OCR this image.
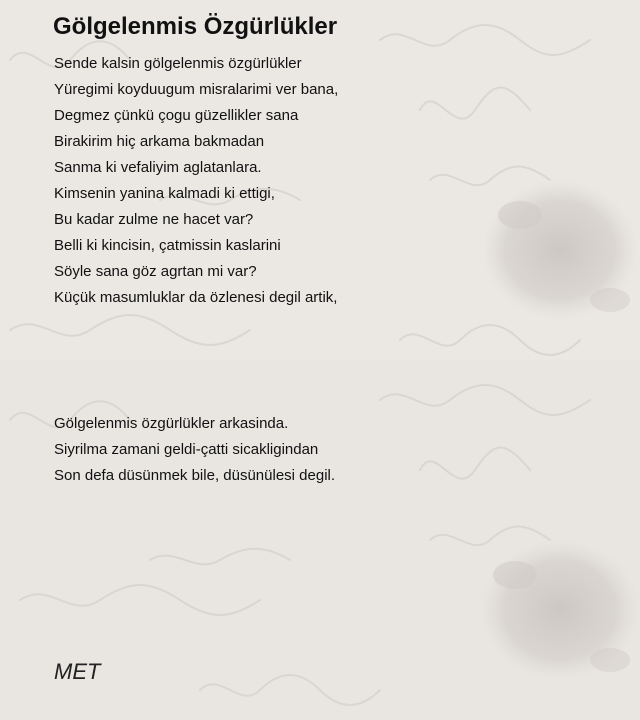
Gölgelenmis Özgürlükler
Sende kalsin gölgelenmis özgürlükler
Yüregimi koyduugum misralarimi ver bana,
Degmez çünkü çogu güzellikler sana
Birakirim hiç arkama bakmadan
Sanma ki vefaliyim aglatanlara.
Kimsenin yanina kalmadi ki ettigi,
Bu kadar zulme ne hacet var?
Belli ki kincisin, çatmissin kaslarini
Söyle sana göz agrtan mi var?
Küçük masumluklar da özlenesi degil artik,
Gölgelenmis özgürlükler arkasinda.
Siyrilma zamani geldi-çatti sicakligindan
Son defa düsünmek bile, düsünülesi degil.
MET
